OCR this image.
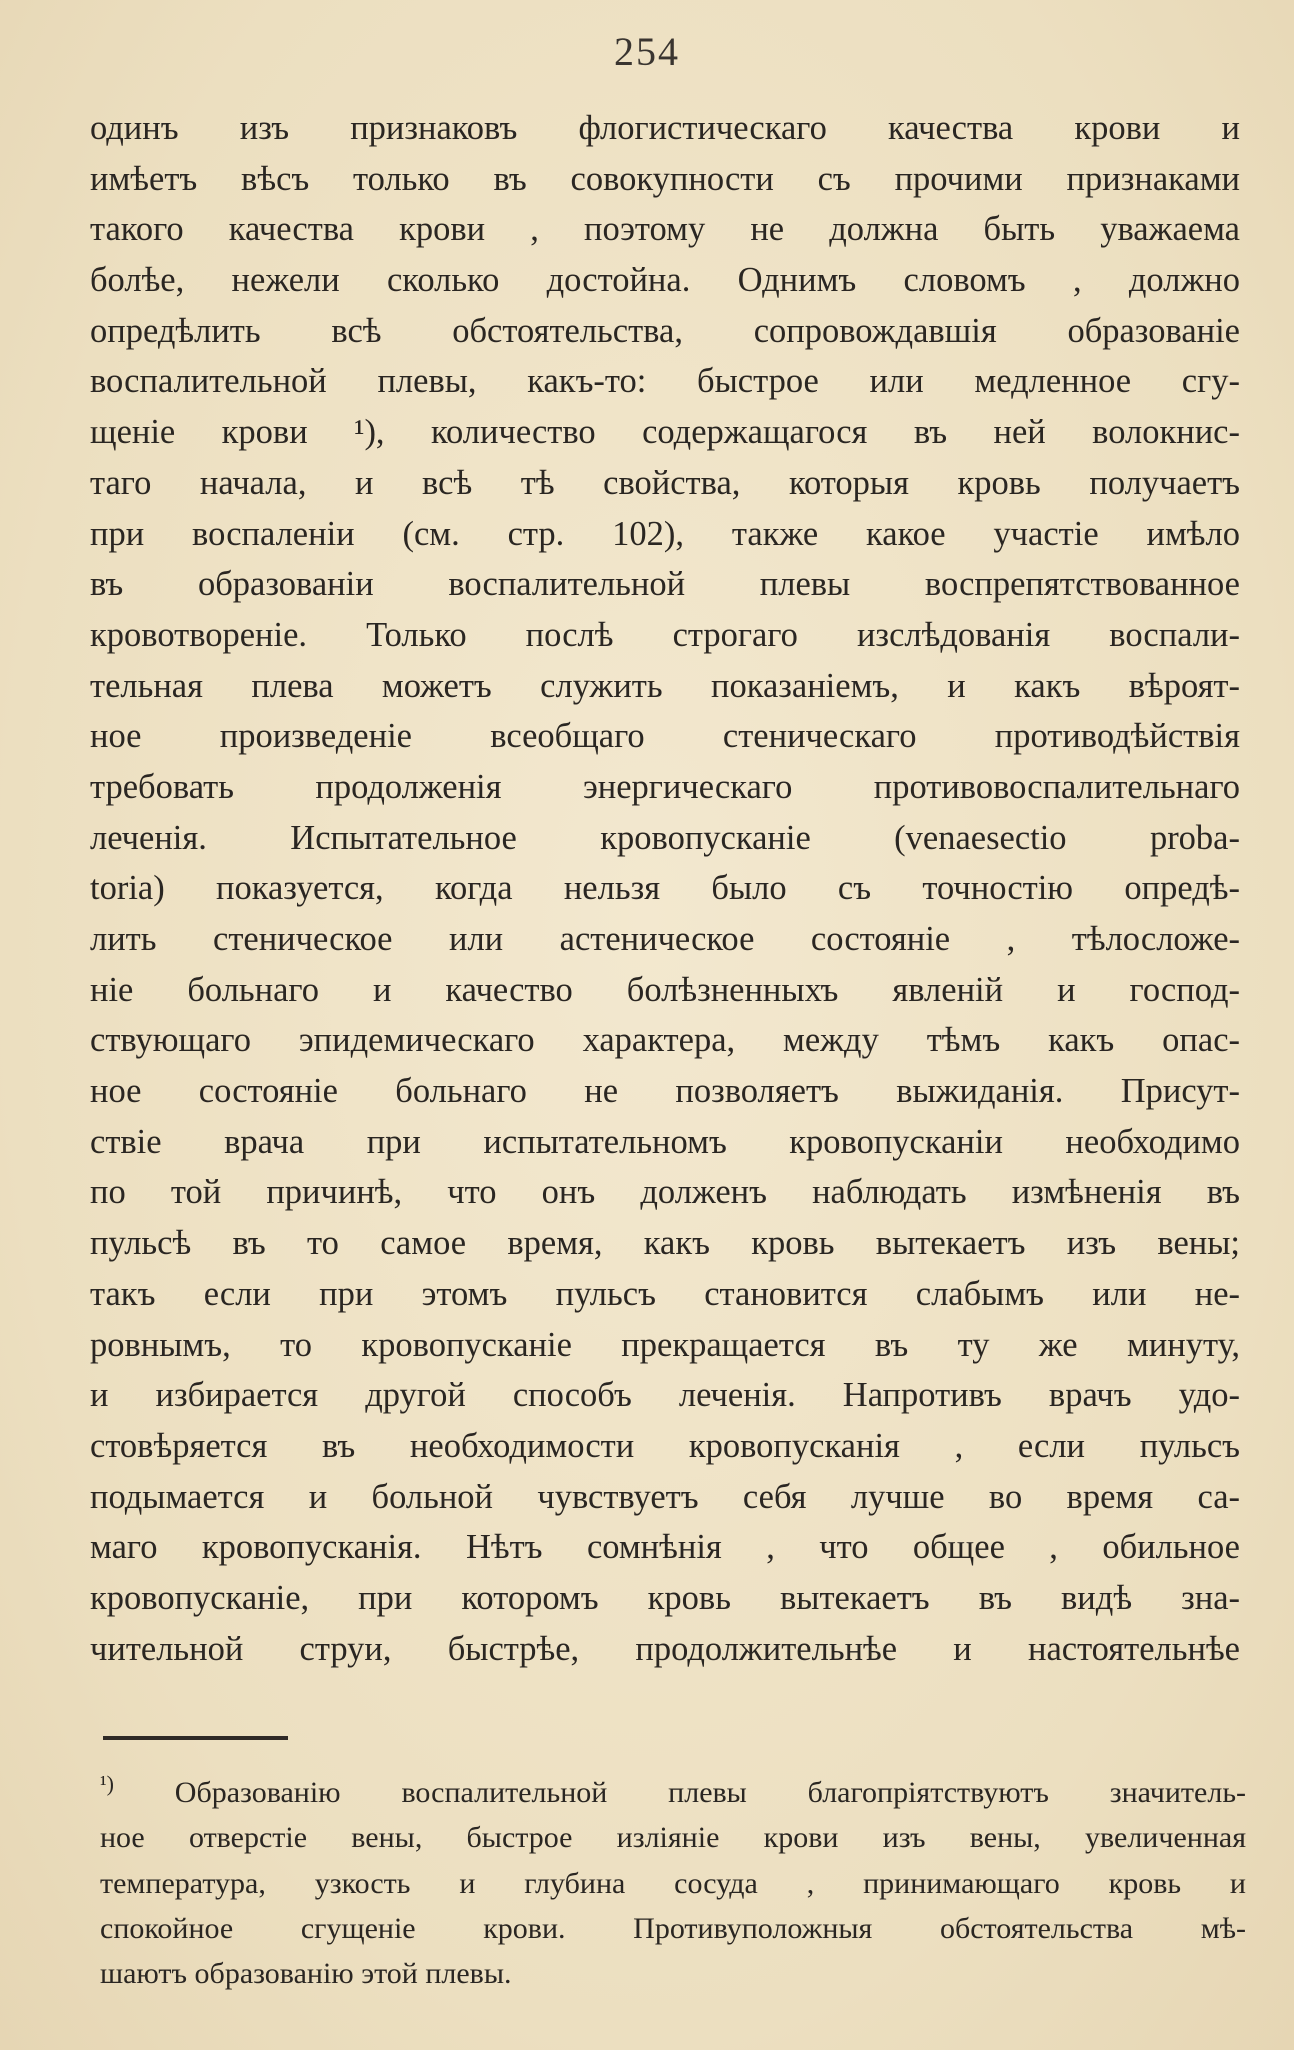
254
одинъ изъ признаковъ флогистическаго качества крови и
имѣетъ вѣсъ только въ совокупности съ прочими признаками
такого качества крови , поэтому не должна быть уважаема
болѣе, нежели сколько достойна. Однимъ словомъ , должно
опредѣлить всѣ обстоятельства, сопровождавшія образованіе
воспалительной плевы, какъ-то: быстрое или медленное сгу-
щеніе крови ¹), количество содержащагося въ ней волокнис-
таго начала, и всѣ тѣ свойства, которыя кровь получаетъ
при воспаленіи (см. стр. 102), также какое участіе имѣло
въ образованіи воспалительной плевы воспрепятствованное
кровотвореніе. Только послѣ строгаго изслѣдованія воспали-
тельная плева можетъ служить показаніемъ, и какъ вѣроят-
ное произведеніе всеобщаго стеническаго противодѣйствія
требовать продолженія энергическаго противовоспалительнаго
леченія. Испытательное кровопусканіе (venaesectio proba-
toria) показуется, когда нельзя было съ точностію опредѣ-
лить стеническое или астеническое состояніе , тѣлосложе-
ніе больнаго и качество болѣзненныхъ явленій и господ-
ствующаго эпидемическаго характера, между тѣмъ какъ опас-
ное состояніе больнаго не позволяетъ выжиданія. Присут-
ствіе врача при испытательномъ кровопусканіи необходимо
по той причинѣ, что онъ долженъ наблюдать измѣненія въ
пульсѣ въ то самое время, какъ кровь вытекаетъ изъ вены;
такъ если при этомъ пульсъ становится слабымъ или не-
ровнымъ, то кровопусканіе прекращается въ ту же минуту,
и избирается другой способъ леченія. Напротивъ врачъ удо-
стовѣряется въ необходимости кровопусканія , если пульсъ
подымается и больной чувствуетъ себя лучше во время са-
маго кровопусканія. Нѣтъ сомнѣнія , что общее , обильное
кровопусканіе, при которомъ кровь вытекаетъ въ видѣ зна-
чительной струи, быстрѣе, продолжительнѣе и настоятельнѣе
$^{^1)}$ Образованію воспалительной плевы благопріятствуютъ значитель-
ное отверстіе вены, быстрое изліяніе крови изъ вены, увеличенная
температура, узкость и глубина сосуда , принимающаго кровь и
спокойное сгущеніе крови. Противуположныя обстоятельства мѣ-
шаютъ образованію этой плевы.
